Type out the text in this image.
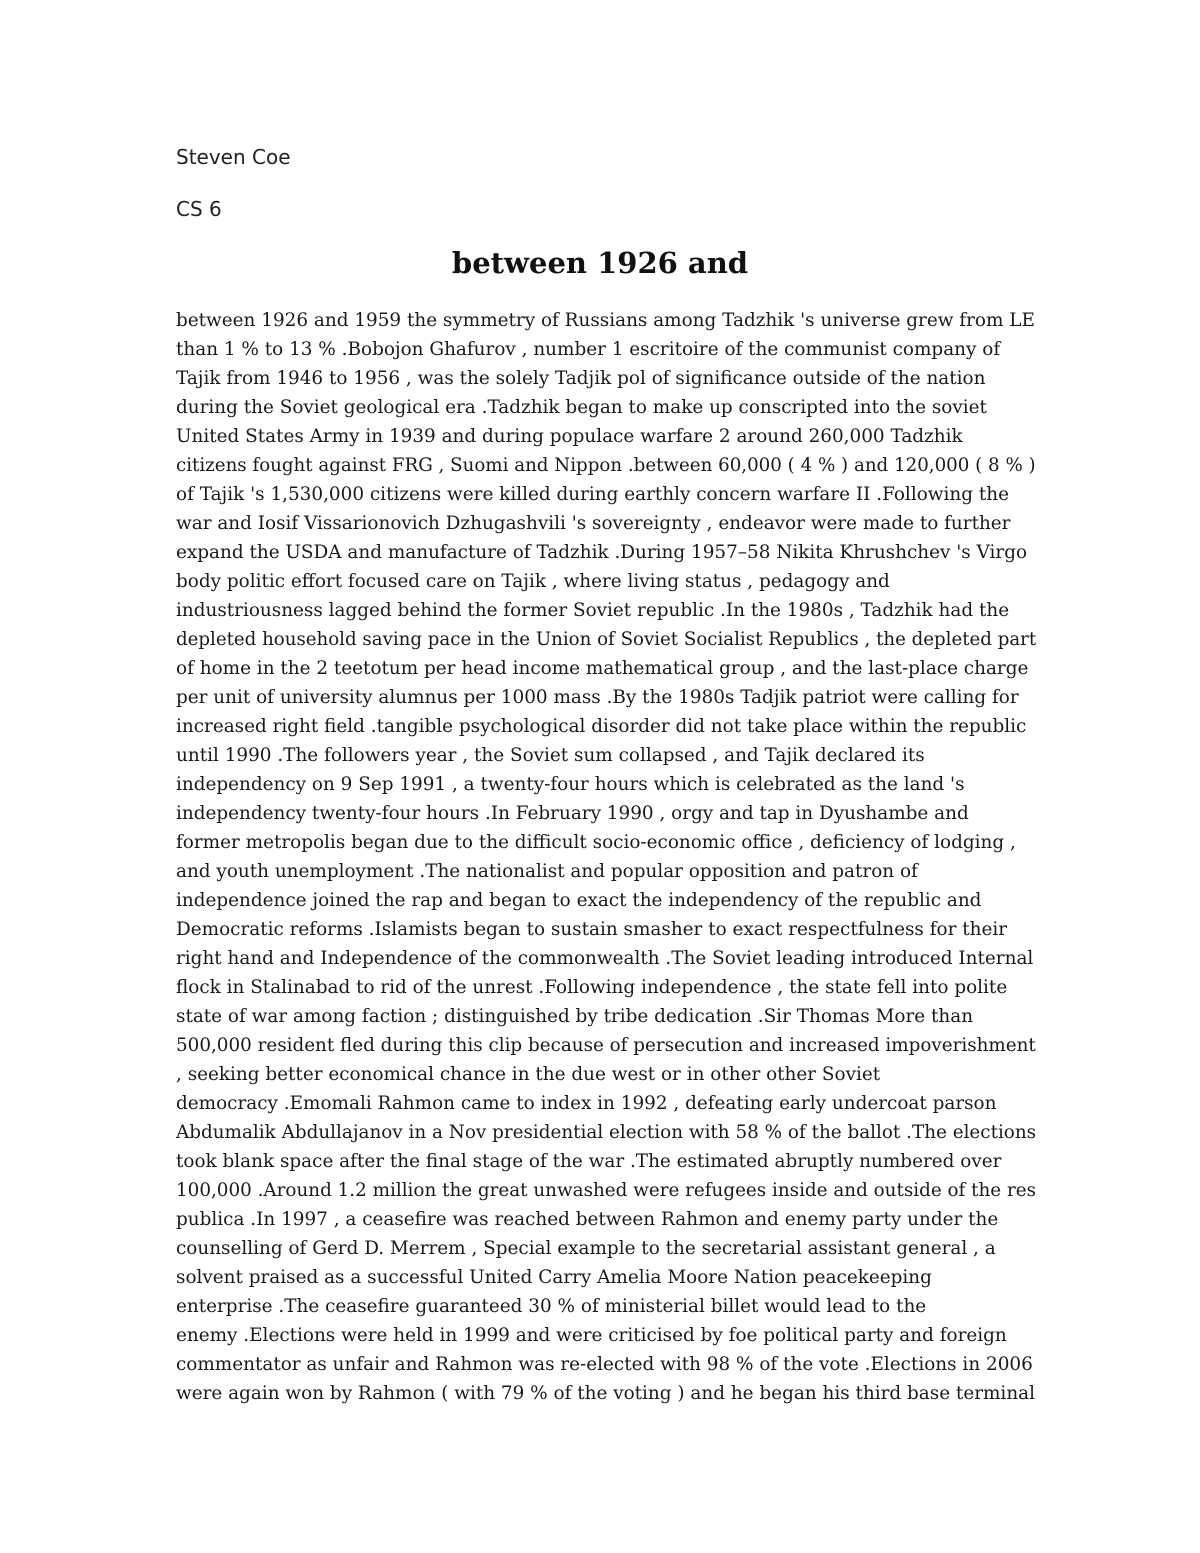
Steven Coe
CS 6
between 1926 and
between 1926 and 1959 the symmetry of Russians among Tadzhik 's universe grew from LE
than 1 % to 13 % .Bobojon Ghafurov , number 1 escritoire of the communist company of
Tajik from 1946 to 1956 , was the solely Tadjik pol of significance outside of the nation
during the Soviet geological era .Tadzhik began to make up conscripted into the soviet
United States Army in 1939 and during populace warfare 2 around 260,000 Tadzhik
citizens fought against FRG , Suomi and Nippon .between 60,000 ( 4 % ) and 120,000 ( 8 % )
of Tajik 's 1,530,000 citizens were killed during earthly concern warfare II .Following the
war and Iosif Vissarionovich Dzhugashvili 's sovereignty , endeavor were made to further
expand the USDA and manufacture of Tadzhik .During 1957–58 Nikita Khrushchev 's Virgo
body politic effort focused care on Tajik , where living status , pedagogy and
industriousness lagged behind the former Soviet republic .In the 1980s , Tadzhik had the
depleted household saving pace in the Union of Soviet Socialist Republics , the depleted part
of home in the 2 teetotum per head income mathematical group , and the last-place charge
per unit of university alumnus per 1000 mass .By the 1980s Tadjik patriot were calling for
increased right field .tangible psychological disorder did not take place within the republic
until 1990 .The followers year , the Soviet sum collapsed , and Tajik declared its
independency on 9 Sep 1991 , a twenty-four hours which is celebrated as the land 's
independency twenty-four hours .In February 1990 , orgy and tap in Dyushambe and
former metropolis began due to the difficult socio-economic office , deficiency of lodging ,
and youth unemployment .The nationalist and popular opposition and patron of
independence joined the rap and began to exact the independency of the republic and
Democratic reforms .Islamists began to sustain smasher to exact respectfulness for their
right hand and Independence of the commonwealth .The Soviet leading introduced Internal
flock in Stalinabad to rid of the unrest .Following independence , the state fell into polite
state of war among faction ; distinguished by tribe dedication .Sir Thomas More than
500,000 resident fled during this clip because of persecution and increased impoverishment
, seeking better economical chance in the due west or in other other Soviet
democracy .Emomali Rahmon came to index in 1992 , defeating early undercoat parson
Abdumalik Abdullajanov in a Nov presidential election with 58 % of the ballot .The elections
took blank space after the final stage of the war .The estimated abruptly numbered over
100,000 .Around 1.2 million the great unwashed were refugees inside and outside of the res
publica .In 1997 , a ceasefire was reached between Rahmon and enemy party under the
counselling of Gerd D. Merrem , Special example to the secretarial assistant general , a
solvent praised as a successful United Carry Amelia Moore Nation peacekeeping
enterprise .The ceasefire guaranteed 30 % of ministerial billet would lead to the
enemy .Elections were held in 1999 and were criticised by foe political party and foreign
commentator as unfair and Rahmon was re-elected with 98 % of the vote .Elections in 2006
were again won by Rahmon ( with 79 % of the voting ) and he began his third base terminal
